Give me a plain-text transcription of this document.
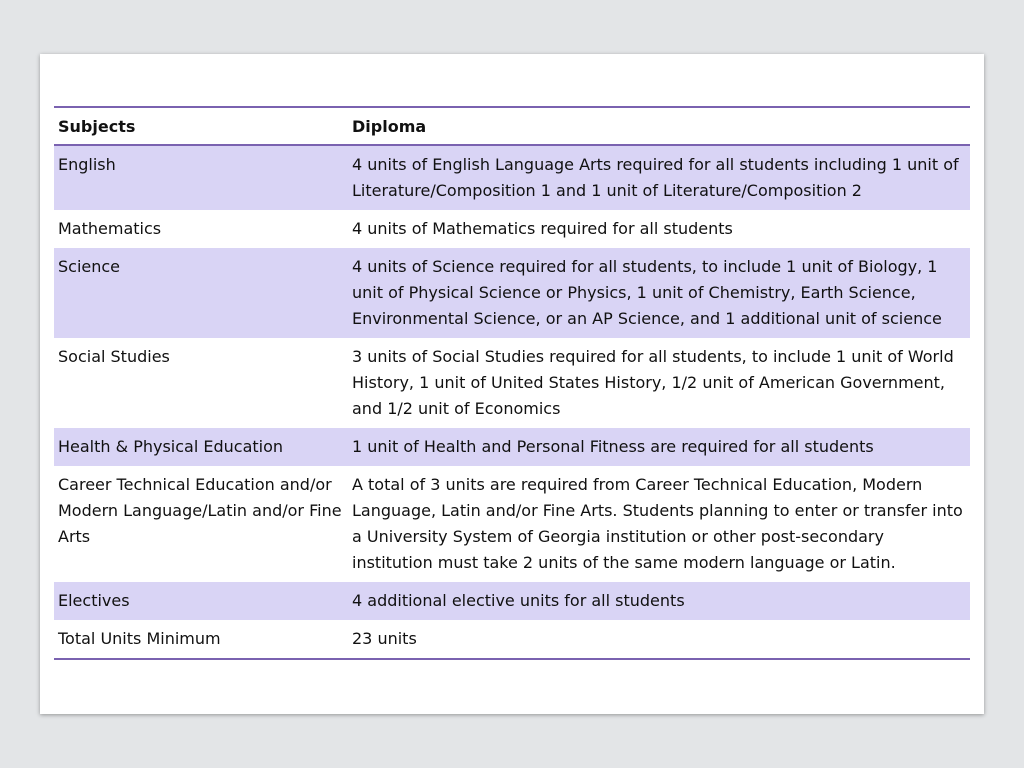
Subjects	Diploma
English	4 units of English Language Arts required for all students including 1 unit of Literature/Composition 1 and 1 unit of Literature/Composition 2
Mathematics	4 units of Mathematics required for all students
Science	4 units of Science required for all students, to include 1 unit of Biology, 1 unit of Physical Science or Physics, 1 unit of Chemistry, Earth Science, Environmental Science, or an AP Science, and 1 additional unit of science
Social Studies	3 units of Social Studies required for all students, to include 1 unit of World History, 1 unit of United States History, 1/2 unit of American Government, and 1/2 unit of Economics
Health & Physical Education	1 unit of Health and Personal Fitness are required for all students
Career Technical Education and/or Modern Language/Latin and/or Fine Arts	A total of 3 units are required from Career Technical Education, Modern Language, Latin and/or Fine Arts. Students planning to enter or transfer into a University System of Georgia institution or other post-secondary institution must take 2 units of the same modern language or Latin.
Electives	4 additional elective units for all students
Total Units Minimum	23 units
